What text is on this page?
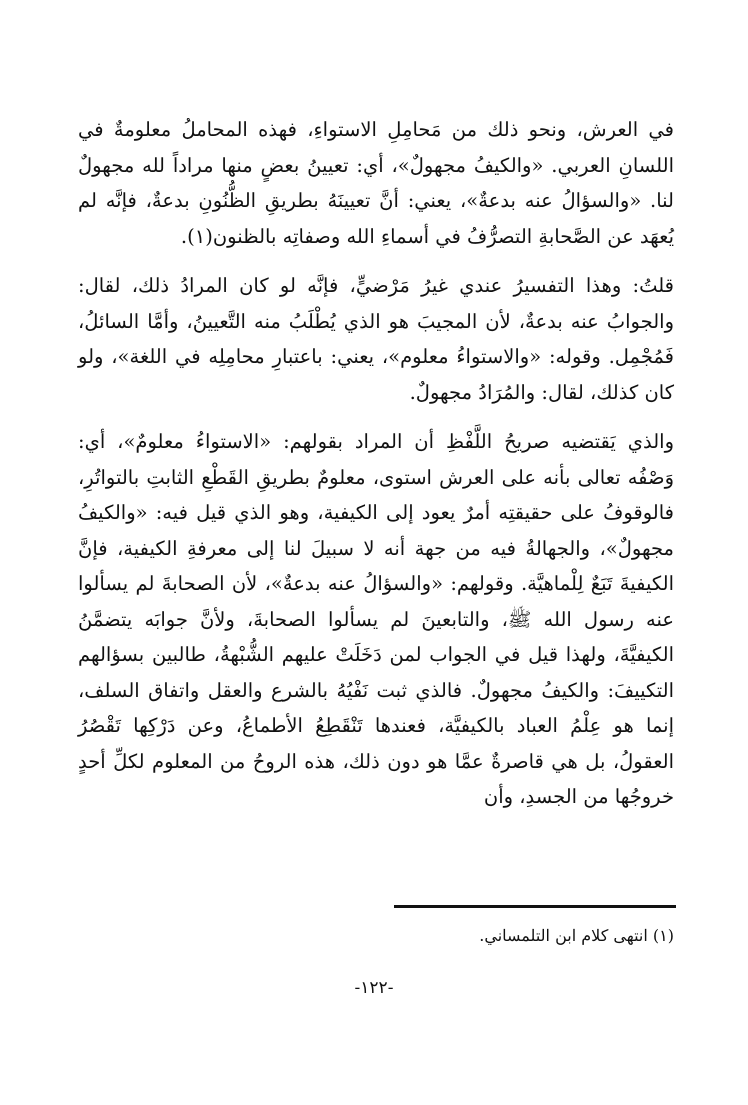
في العرش، ونحو ذلك من مَحامِلِ الاستواءِ، فهذه المحاملُ معلومةٌ في اللسانِ العربي. «والكيفُ مجهولٌ»، أي: تعيينُ بعضٍ منها مراداً لله مجهولٌ لنا. «والسؤالُ عنه بدعةٌ»، يعني: أنَّ تعيينَهُ بطريقِ الظُّنُونِ بدعةٌ، فإنَّه لم يُعهَد عن الصَّحابةِ التصرُّفُ في أسماءِ الله وصفاتِه بالظنون(١).

قلتُ: وهذا التفسيرُ عندي غيرُ مَرْضيٍّ، فإنَّه لو كان المرادُ ذلك، لقال: والجوابُ عنه بدعةٌ، لأن المجيبَ هو الذي يُطْلَبُ منه التَّعيينُ، وأمَّا السائلُ، فَمُجْمِل. وقوله: «والاستواءُ معلوم»، يعني: باعتبارِ محامِلِه في اللغة»، ولو كان كذلك، لقال: والمُرَادُ مجهولٌ.

والذي يَقتضيه صريحُ اللَّفْظِ أن المراد بقولهم: «الاستواءُ معلومٌ»، أي: وَصْفُه تعالى بأنه على العرش استوى، معلومٌ بطريقِ القَطْعِ الثابتِ بالتواتُرِ، فالوقوفُ على حقيقتِه أمرٌ يعود إلى الكيفية، وهو الذي قيل فيه: «والكيفُ مجهولٌ»، والجهالةُ فيه من جهة أنه لا سبيلَ لنا إلى معرفةِ الكيفية، فإنَّ الكيفيةَ تَبَعٌ لِلْماهيَّة. وقولهم: «والسؤالُ عنه بدعةٌ»، لأن الصحابةَ لم يسألوا عنه رسول الله ﷺ، والتابعينَ لم يسألوا الصحابةَ، ولأنَّ جوابَه يتضمَّنُ الكيفيَّةَ، ولهذا قيل في الجواب لمن دَخَلَتْ عليهم الشُّبْهةُ، طالبين بسؤالهم التكييفَ: والكيفُ مجهولٌ. فالذي ثبت نَفْيُهُ بالشرع والعقل واتفاق السلف، إنما هو عِلْمُ العباد بالكيفيَّة، فعندها تَنْقَطِعُ الأطماعُ، وعن دَرْكِها تَقْصُرُ العقولُ، بل هي قاصرةٌ عمَّا هو دون ذلك، هذه الروحُ من المعلوم لكلِّ أحدٍ خروجُها من الجسدِ، وأن

(١) انتهى كلام ابن التلمساني.
-١٢٢-
